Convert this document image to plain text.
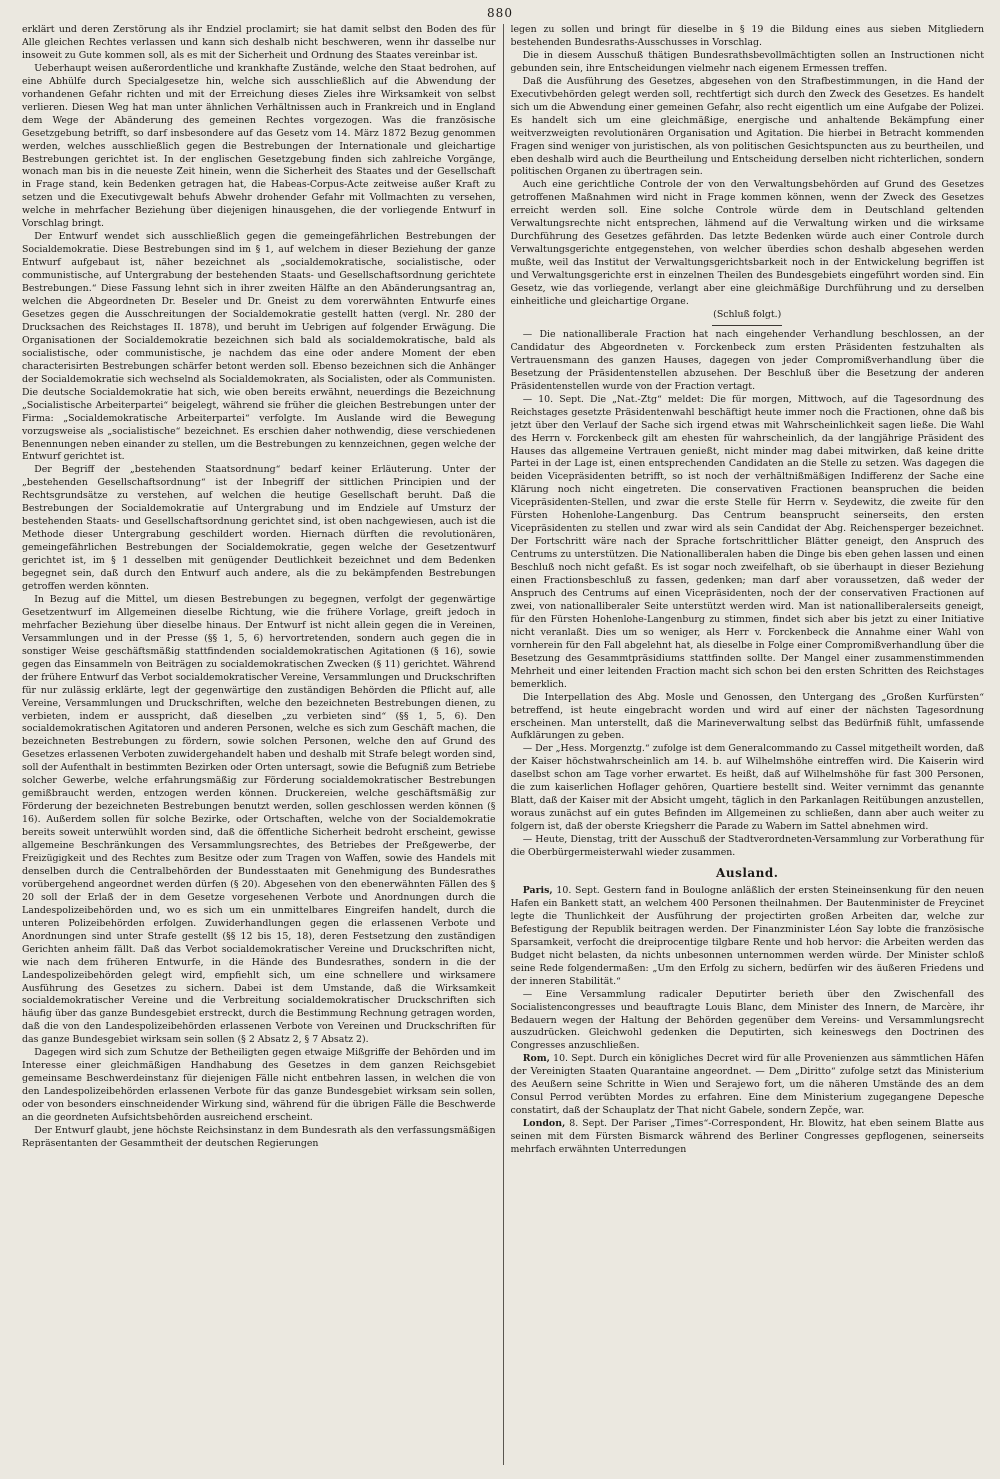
880

erklärt und deren Zerstörung als ihr Endziel proclamirt; sie hat damit selbst den Boden des für Alle gleichen Rechtes verlassen und kann sich deshalb nicht beschweren, wenn ihr dasselbe nur insoweit zu Gute kommen soll, als es mit der Sicherheit und Ordnung des Staates vereinbar ist.

Ueberhaupt weisen außerordentliche und krankhafte Zustände, welche den Staat bedrohen, auf eine Abhülfe durch Specialgesetze hin, welche sich ausschließlich auf die Abwendung der vorhandenen Gefahr richten und mit der Erreichung dieses Zieles ihre Wirksamkeit von selbst verlieren. Diesen Weg hat man unter ähnlichen Verhältnissen auch in Frankreich und in England dem Wege der Abänderung des gemeinen Rechtes vorgezogen. Was die französische Gesetzgebung betrifft, so darf insbesondere auf das Gesetz vom 14. März 1872 Bezug genommen werden, welches ausschließlich gegen die Bestrebungen der Internationale und gleichartige Bestrebungen gerichtet ist. In der englischen Gesetzgebung finden sich zahlreiche Vorgänge, wonach man bis in die neueste Zeit hinein, wenn die Sicherheit des Staates und der Gesellschaft in Frage stand, kein Bedenken getragen hat, die Habeas-Corpus-Acte zeitweise außer Kraft zu setzen und die Executivgewalt behufs Abwehr drohender Gefahr mit Vollmachten zu versehen, welche in mehrfacher Beziehung über diejenigen hinausgehen, die der vorliegende Entwurf in Vorschlag bringt.

Der Entwurf wendet sich ausschließlich gegen die gemeingefährlichen Bestrebungen der Socialdemokratie. Diese Bestrebungen sind im § 1, auf welchem in dieser Beziehung der ganze Entwurf aufgebaut ist, näher bezeichnet als „socialdemokratische, socialistische, oder communistische, auf Untergrabung der bestehenden Staats- und Gesellschaftsordnung gerichtete Bestrebungen.“ Diese Fassung lehnt sich in ihrer zweiten Hälfte an den Abänderungsantrag an, welchen die Abgeordneten Dr. Beseler und Dr. Gneist zu dem vorerwähnten Entwurfe eines Gesetzes gegen die Ausschreitungen der Socialdemokratie gestellt hatten (vergl. Nr. 280 der Drucksachen des Reichstages II. 1878), und beruht im Uebrigen auf folgender Erwägung. Die Organisationen der Socialdemokratie bezeichnen sich bald als socialdemokratische, bald als socialistische, oder communistische, je nachdem das eine oder andere Moment der eben characterisirten Bestrebungen schärfer betont werden soll. Ebenso bezeichnen sich die Anhänger der Socialdemokratie sich wechselnd als Socialdemokraten, als Socialisten, oder als Communisten. Die deutsche Socialdemokratie hat sich, wie oben bereits erwähnt, neuerdings die Bezeichnung „Socialistische Arbeiterpartei“ beigelegt, während sie früher die gleichen Bestrebungen unter der Firma: „Socialdemokratische Arbeiterpartei“ verfolgte. Im Auslande wird die Bewegung vorzugsweise als „socialistische“ bezeichnet. Es erschien daher nothwendig, diese verschiedenen Benennungen neben einander zu stellen, um die Bestrebungen zu kennzeichnen, gegen welche der Entwurf gerichtet ist.

Der Begriff der „bestehenden Staatsordnung“ bedarf keiner Erläuterung. Unter der „bestehenden Gesellschaftsordnung“ ist der Inbegriff der sittlichen Principien und der Rechtsgrundsätze zu verstehen, auf welchen die heutige Gesellschaft beruht. Daß die Bestrebungen der Socialdemokratie auf Untergrabung und im Endziele auf Umsturz der bestehenden Staats- und Gesellschaftsordnung gerichtet sind, ist oben nachgewiesen, auch ist die Methode dieser Untergrabung geschildert worden. Hiernach dürften die revolutionären, gemeingefährlichen Bestrebungen der Socialdemokratie, gegen welche der Gesetzentwurf gerichtet ist, im § 1 desselben mit genügender Deutlichkeit bezeichnet und dem Bedenken begegnet sein, daß durch den Entwurf auch andere, als die zu bekämpfenden Bestrebungen getroffen werden könnten.

In Bezug auf die Mittel, um diesen Bestrebungen zu begegnen, verfolgt der gegenwärtige Gesetzentwurf im Allgemeinen dieselbe Richtung, wie die frühere Vorlage, greift jedoch in mehrfacher Beziehung über dieselbe hinaus. Der Entwurf ist nicht allein gegen die in Vereinen, Versammlungen und in der Presse (§§ 1, 5, 6) hervortretenden, sondern auch gegen die in sonstiger Weise geschäftsmäßig stattfindenden socialdemokratischen Agitationen (§ 16), sowie gegen das Einsammeln von Beiträgen zu socialdemokratischen Zwecken (§ 11) gerichtet. Während der frühere Entwurf das Verbot socialdemokratischer Vereine, Versammlungen und Druckschriften für nur zulässig erklärte, legt der gegenwärtige den zuständigen Behörden die Pflicht auf, alle Vereine, Versammlungen und Druckschriften, welche den bezeichneten Bestrebungen dienen, zu verbieten, indem er ausspricht, daß dieselben „zu verbieten sind“ (§§ 1, 5, 6). Den socialdemokratischen Agitatoren und anderen Personen, welche es sich zum Geschäft machen, die bezeichneten Bestrebungen zu fördern, sowie solchen Personen, welche den auf Grund des Gesetzes erlassenen Verboten zuwidergehandelt haben und deshalb mit Strafe belegt worden sind, soll der Aufenthalt in bestimmten Bezirken oder Orten untersagt, sowie die Befugniß zum Betriebe solcher Gewerbe, welche erfahrungsmäßig zur Förderung socialdemokratischer Bestrebungen gemißbraucht werden, entzogen werden können. Druckereien, welche geschäftsmäßig zur Förderung der bezeichneten Bestrebungen benutzt werden, sollen geschlossen werden können (§ 16). Außerdem sollen für solche Bezirke, oder Ortschaften, welche von der Socialdemokratie bereits soweit unterwühlt worden sind, daß die öffentliche Sicherheit bedroht erscheint, gewisse allgemeine Beschränkungen des Versammlungsrechtes, des Betriebes der Preßgewerbe, der Freizügigkeit und des Rechtes zum Besitze oder zum Tragen von Waffen, sowie des Handels mit denselben durch die Centralbehörden der Bundesstaaten mit Genehmigung des Bundesrathes vorübergehend angeordnet werden dürfen (§ 20). Abgesehen von den ebenerwähnten Fällen des § 20 soll der Erlaß der in dem Gesetze vorgesehenen Verbote und Anordnungen durch die Landespolizeibehörden und, wo es sich um ein unmittelbares Eingreifen handelt, durch die unteren Polizeibehörden erfolgen. Zuwiderhandlungen gegen die erlassenen Verbote und Anordnungen sind unter Strafe gestellt (§§ 12 bis 15, 18), deren Festsetzung den zuständigen Gerichten anheim fällt. Daß das Verbot socialdemokratischer Vereine und Druckschriften nicht, wie nach dem früheren Entwurfe, in die Hände des Bundesrathes, sondern in die der Landespolizeibehörden gelegt wird, empfiehlt sich, um eine schnellere und wirksamere Ausführung des Gesetzes zu sichern. Dabei ist dem Umstande, daß die Wirksamkeit socialdemokratischer Vereine und die Verbreitung socialdemokratischer Druckschriften sich häufig über das ganze Bundesgebiet erstreckt, durch die Bestimmung Rechnung getragen worden, daß die von den Landespolizeibehörden erlassenen Verbote von Vereinen und Druckschriften für das ganze Bundesgebiet wirksam sein sollen (§ 2 Absatz 2, § 7 Absatz 2).

Dagegen wird sich zum Schutze der Betheiligten gegen etwaige Mißgriffe der Behörden und im Interesse einer gleichmäßigen Handhabung des Gesetzes in dem ganzen Reichsgebiet gemeinsame Beschwerdeinstanz für diejenigen Fälle nicht entbehren lassen, in welchen die von den Landespolizeibehörden erlassenen Verbote für das ganze Bundesgebiet wirksam sein sollen, oder von besonders einschneidender Wirkung sind, während für die übrigen Fälle die Beschwerde an die geordneten Aufsichtsbehörden ausreichend erscheint.

Der Entwurf glaubt, jene höchste Reichsinstanz in dem Bundesrath als den verfassungsmäßigen Repräsentanten der Gesammtheit der deutschen Regierungen

legen zu sollen und bringt für dieselbe in § 19 die Bildung eines aus sieben Mitgliedern bestehenden Bundesraths-Ausschusses in Vorschlag.

Die in diesem Ausschuß thätigen Bundesrathsbevollmächtigten sollen an Instructionen nicht gebunden sein, ihre Entscheidungen vielmehr nach eigenem Ermessen treffen.

Daß die Ausführung des Gesetzes, abgesehen von den Strafbestimmungen, in die Hand der Executivbehörden gelegt werden soll, rechtfertigt sich durch den Zweck des Gesetzes. Es handelt sich um die Abwendung einer gemeinen Gefahr, also recht eigentlich um eine Aufgabe der Polizei. Es handelt sich um eine gleichmäßige, energische und anhaltende Bekämpfung einer weitverzweigten revolutionären Organisation und Agitation. Die hierbei in Betracht kommenden Fragen sind weniger von juristischen, als von politischen Gesichtspuncten aus zu beurtheilen, und eben deshalb wird auch die Beurtheilung und Entscheidung derselben nicht richterlichen, sondern politischen Organen zu übertragen sein.

Auch eine gerichtliche Controle der von den Verwaltungsbehörden auf Grund des Gesetzes getroffenen Maßnahmen wird nicht in Frage kommen können, wenn der Zweck des Gesetzes erreicht werden soll. Eine solche Controle würde dem in Deutschland geltenden Verwaltungsrechte nicht entsprechen, lähmend auf die Verwaltung wirken und die wirksame Durchführung des Gesetzes gefährden. Das letzte Bedenken würde auch einer Controle durch Verwaltungsgerichte entgegenstehen, von welcher überdies schon deshalb abgesehen werden mußte, weil das Institut der Verwaltungsgerichtsbarkeit noch in der Entwickelung begriffen ist und Verwaltungsgerichte erst in einzelnen Theilen des Bundesgebiets eingeführt worden sind. Ein Gesetz, wie das vorliegende, verlangt aber eine gleichmäßige Durchführung und zu derselben einheitliche und gleichartige Organe.

(Schluß folgt.)

— Die nationalliberale Fraction hat nach eingehender Verhandlung beschlossen, an der Candidatur des Abgeordneten v. Forckenbeck zum ersten Präsidenten festzuhalten als Vertrauensmann des ganzen Hauses, dagegen von jeder Compromißverhandlung über die Besetzung der Präsidentenstellen abzusehen. Der Beschluß über die Besetzung der anderen Präsidentenstellen wurde von der Fraction vertagt.

— 10. Sept. Die „Nat.-Ztg“ meldet: Die für morgen, Mittwoch, auf die Tagesordnung des Reichstages gesetzte Präsidentenwahl beschäftigt heute immer noch die Fractionen, ohne daß bis jetzt über den Verlauf der Sache sich irgend etwas mit Wahrscheinlichkeit sagen ließe. Die Wahl des Herrn v. Forckenbeck gilt am ehesten für wahrscheinlich, da der langjährige Präsident des Hauses das allgemeine Vertrauen genießt, nicht minder mag dabei mitwirken, daß keine dritte Partei in der Lage ist, einen entsprechenden Candidaten an die Stelle zu setzen. Was dagegen die beiden Vicepräsidenten betrifft, so ist noch der verhältnißmäßigen Indifferenz der Sache eine Klärung noch nicht eingetreten. Die conservativen Fractionen beanspruchen die beiden Vicepräsidenten-Stellen, und zwar die erste Stelle für Herrn v. Seydewitz, die zweite für den Fürsten Hohenlohe-Langenburg. Das Centrum beansprucht seinerseits, den ersten Vicepräsidenten zu stellen und zwar wird als sein Candidat der Abg. Reichensperger bezeichnet. Der Fortschritt wäre nach der Sprache fortschrittlicher Blätter geneigt, den Anspruch des Centrums zu unterstützen. Die Nationalliberalen haben die Dinge bis eben gehen lassen und einen Beschluß noch nicht gefaßt. Es ist sogar noch zweifelhaft, ob sie überhaupt in dieser Beziehung einen Fractionsbeschluß zu fassen, gedenken; man darf aber voraussetzen, daß weder der Anspruch des Centrums auf einen Vicepräsidenten, noch der der conservativen Fractionen auf zwei, von nationalliberaler Seite unterstützt werden wird. Man ist nationalliberalerseits geneigt, für den Fürsten Hohenlohe-Langenburg zu stimmen, findet sich aber bis jetzt zu einer Initiative nicht veranlaßt. Dies um so weniger, als Herr v. Forckenbeck die Annahme einer Wahl von vornherein für den Fall abgelehnt hat, als dieselbe in Folge einer Compromißverhandlung über die Besetzung des Gesammtpräsidiums stattfinden sollte. Der Mangel einer zusammenstimmenden Mehrheit und einer leitenden Fraction macht sich schon bei den ersten Schritten des Reichstages bemerklich.

Die Interpellation des Abg. Mosle und Genossen, den Untergang des „Großen Kurfürsten“ betreffend, ist heute eingebracht worden und wird auf einer der nächsten Tagesordnung erscheinen. Man unterstellt, daß die Marineverwaltung selbst das Bedürfniß fühlt, umfassende Aufklärungen zu geben.

— Der „Hess. Morgenztg.“ zufolge ist dem Generalcommando zu Cassel mitgetheilt worden, daß der Kaiser höchstwahrscheinlich am 14. b. auf Wilhelmshöhe eintreffen wird. Die Kaiserin wird daselbst schon am Tage vorher erwartet. Es heißt, daß auf Wilhelmshöhe für fast 300 Personen, die zum kaiserlichen Hoflager gehören, Quartiere bestellt sind. Weiter vernimmt das genannte Blatt, daß der Kaiser mit der Absicht umgeht, täglich in den Parkanlagen Reitübungen anzustellen, woraus zunächst auf ein gutes Befinden im Allgemeinen zu schließen, dann aber auch weiter zu folgern ist, daß der oberste Kriegsherr die Parade zu Wabern im Sattel abnehmen wird.

— Heute, Dienstag, tritt der Ausschuß der Stadtverordneten-Versammlung zur Vorberathung für die Oberbürgermeisterwahl wieder zusammen.

Ausland.

Paris, 10. Sept. Gestern fand in Boulogne anläßlich der ersten Steineinsenkung für den neuen Hafen ein Bankett statt, an welchem 400 Personen theilnahmen. Der Bautenminister de Freycinet legte die Thunlichkeit der Ausführung der projectirten großen Arbeiten dar, welche zur Befestigung der Republik beitragen werden. Der Finanzminister Léon Say lobte die französische Sparsamkeit, verfocht die dreiprocentige tilgbare Rente und hob hervor: die Arbeiten werden das Budget nicht belasten, da nichts unbesonnen unternommen werden würde. Der Minister schloß seine Rede folgendermaßen: „Um den Erfolg zu sichern, bedürfen wir des äußeren Friedens und der inneren Stabilität.“

— Eine Versammlung radicaler Deputirter berieth über den Zwischenfall des Socialistencongresses und beauftragte Louis Blanc, dem Minister des Innern, de Marcère, ihr Bedauern wegen der Haltung der Behörden gegenüber dem Vereins- und Versammlungsrecht auszudrücken. Gleichwohl gedenken die Deputirten, sich keineswegs den Doctrinen des Congresses anzuschließen.

Rom, 10. Sept. Durch ein königliches Decret wird für alle Provenienzen aus sämmtlichen Häfen der Vereinigten Staaten Quarantaine angeordnet. — Dem „Diritto“ zufolge setzt das Ministerium des Aeußern seine Schritte in Wien und Serajewo fort, um die näheren Umstände des an dem Consul Perrod verübten Mordes zu erfahren. Eine dem Ministerium zugegangene Depesche constatirt, daß der Schauplatz der That nicht Gabele, sondern Zepče, war.

London, 8. Sept. Der Pariser „Times“-Correspondent, Hr. Blowitz, hat eben seinem Blatte aus seinen mit dem Fürsten Bismarck während des Berliner Congresses gepflogenen, seinerseits mehrfach erwähnten Unterredungen
